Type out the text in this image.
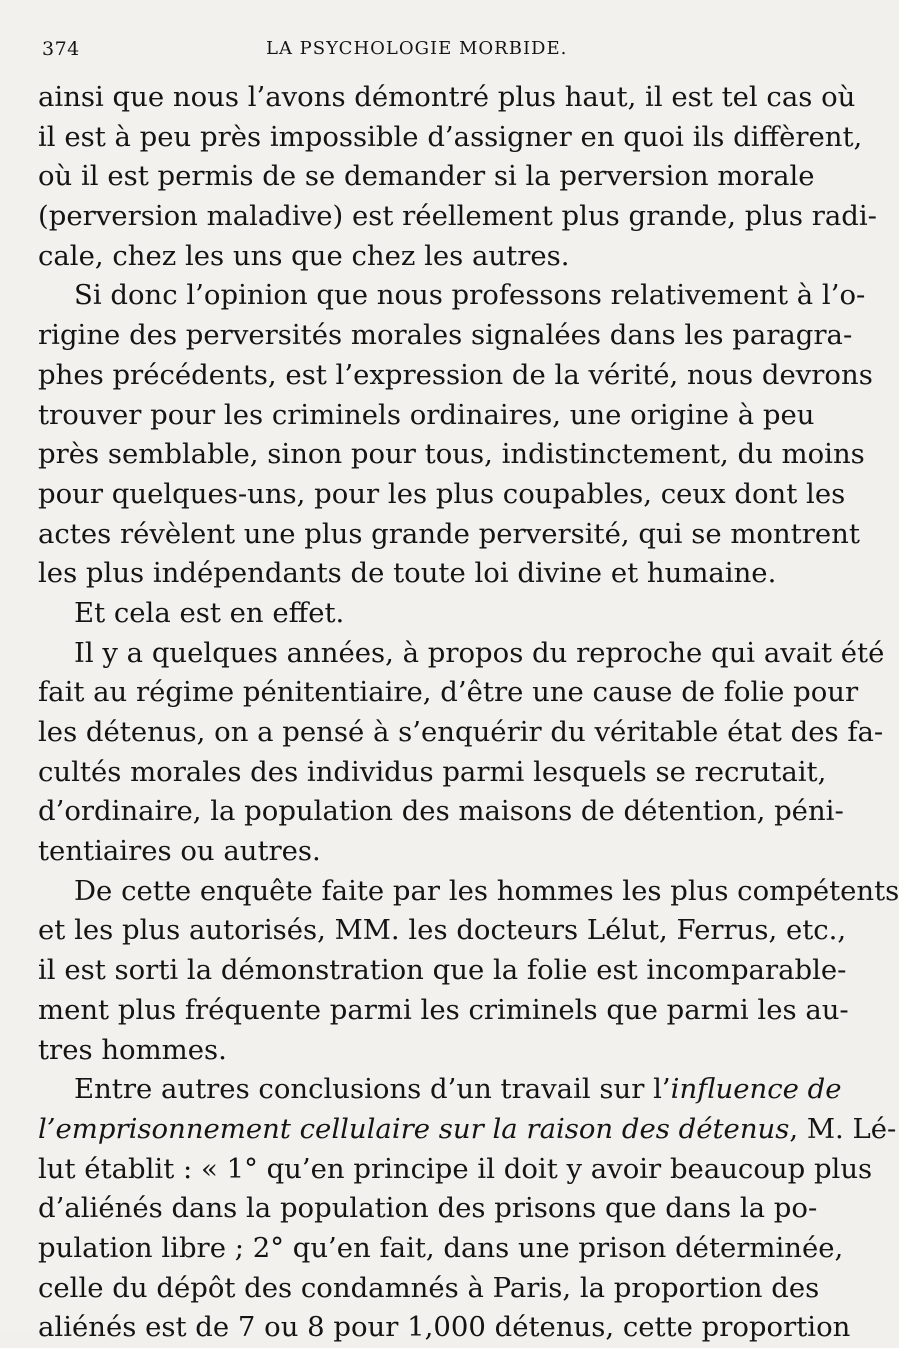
374	LA PSYCHOLOGIE MORBIDE.
ainsi que nous l’avons démontré plus haut, il est tel cas où
il est à peu près impossible d’assigner en quoi ils diffèrent,
où il est permis de se demander si la perversion morale
(perversion maladive) est réellement plus grande, plus radi-
cale, chez les uns que chez les autres.
Si donc l’opinion que nous professons relativement à l’o-
rigine des perversités morales signalées dans les paragra-
phes précédents, est l’expression de la vérité, nous devrons
trouver pour les criminels ordinaires, une origine à peu
près semblable, sinon pour tous, indistinctement, du moins
pour quelques-uns, pour les plus coupables, ceux dont les
actes révèlent une plus grande perversité, qui se montrent
les plus indépendants de toute loi divine et humaine.
Et cela est en effet.
Il y a quelques années, à propos du reproche qui avait été
fait au régime pénitentiaire, d’être une cause de folie pour
les détenus, on a pensé à s’enquérir du véritable état des fa-
cultés morales des individus parmi lesquels se recrutait,
d’ordinaire, la population des maisons de détention, péni-
tentiaires ou autres.
De cette enquête faite par les hommes les plus compétents
et les plus autorisés, MM. les docteurs Lélut, Ferrus, etc.,
il est sorti la démonstration que la folie est incomparable-
ment plus fréquente parmi les criminels que parmi les au-
tres hommes.
Entre autres conclusions d’un travail sur l’influence de
l’emprisonnement cellulaire sur la raison des détenus, M. Lé-
lut établit : « 1° qu’en principe il doit y avoir beaucoup plus
d’aliénés dans la population des prisons que dans la po-
pulation libre ; 2° qu’en fait, dans une prison déterminée,
celle du dépôt des condamnés à Paris, la proportion des
aliénés est de 7 ou 8 pour 1,000 détenus, cette proportion
